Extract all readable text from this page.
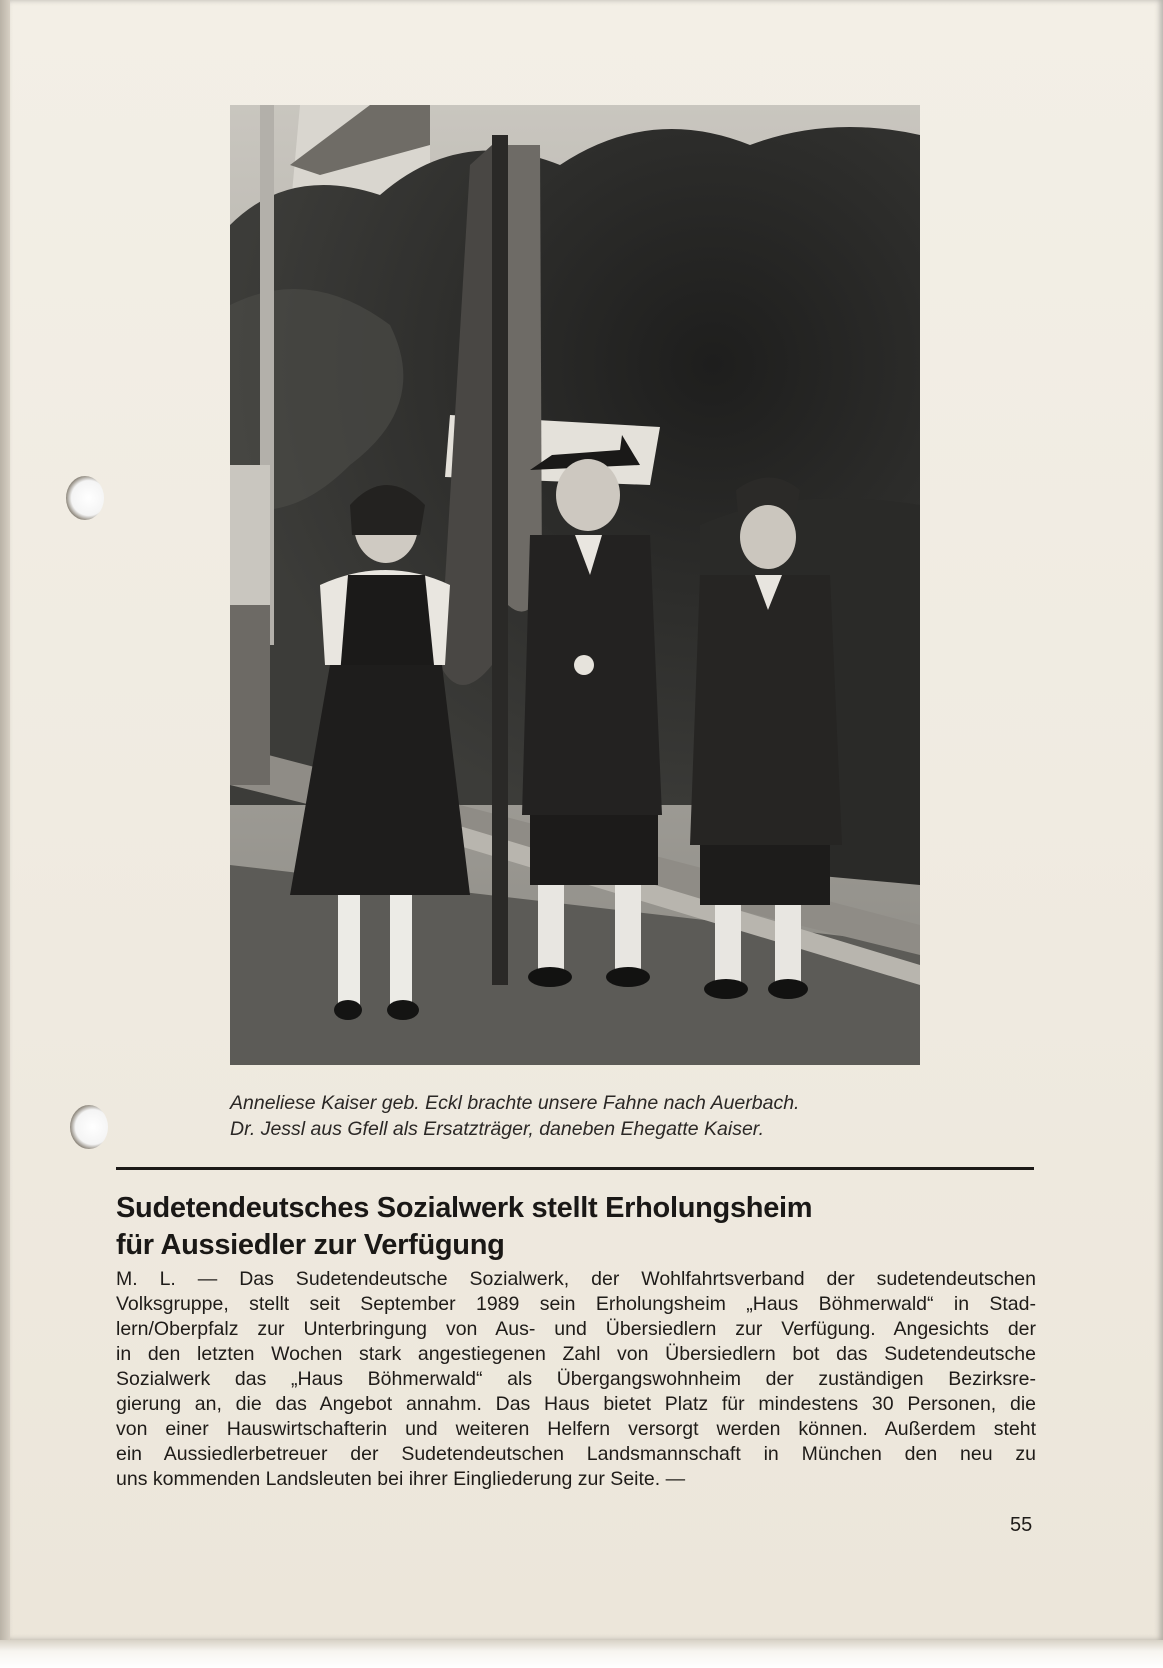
Anneliese Kaiser geb. Eckl brachte unsere Fahne nach Auerbach.
Dr. Jessl aus Gfell als Ersatzträger, daneben Ehegatte Kaiser.
Sudetendeutsches Sozialwerk stellt Erholungsheim
für Aussiedler zur Verfügung
M. L. — Das Sudetendeutsche Sozialwerk, der Wohlfahrtsverband der sudetendeutschen
Volksgruppe, stellt seit September 1989 sein Erholungsheim „Haus Böhmerwald“ in Stad-
lern/Oberpfalz zur Unterbringung von Aus- und Übersiedlern zur Verfügung. Angesichts der
in den letzten Wochen stark angestiegenen Zahl von Übersiedlern bot das Sudetendeutsche
Sozialwerk das „Haus Böhmerwald“ als Übergangswohnheim der zuständigen Bezirksre-
gierung an, die das Angebot annahm. Das Haus bietet Platz für mindestens 30 Personen, die
von einer Hauswirtschafterin und weiteren Helfern versorgt werden können. Außerdem steht
ein Aussiedlerbetreuer der Sudetendeutschen Landsmannschaft in München den neu zu
uns kommenden Landsleuten bei ihrer Eingliederung zur Seite. —
55
